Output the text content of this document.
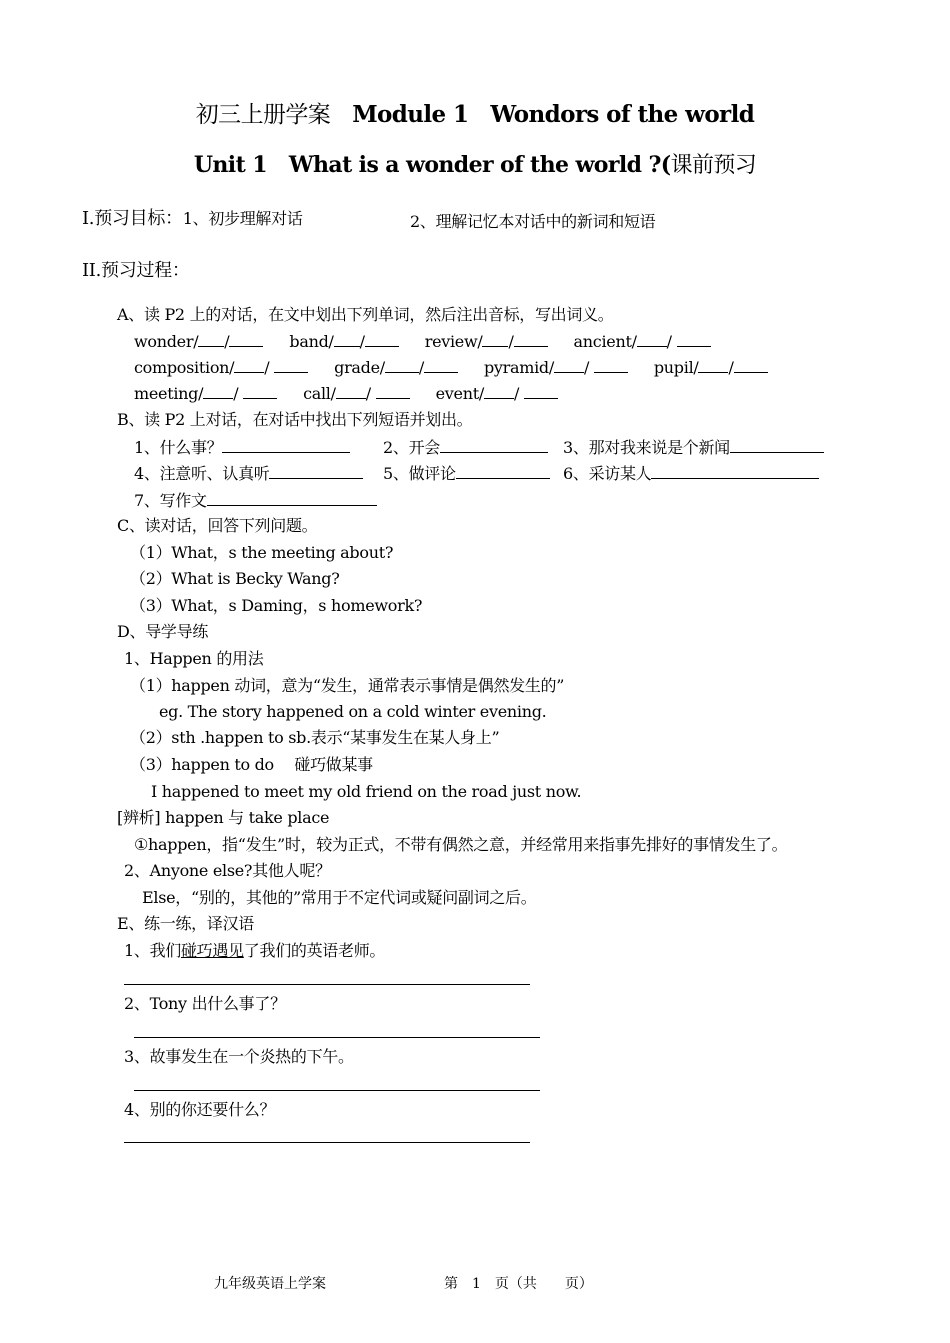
初三上册学案 Module 1 Wondors of the world
Unit 1 What is a wonder of the world ?(课前预习
I.预习目标：1、初步理解对话	2、理解记忆本对话中的新词和短语
II.预习过程：
A、读 P2 上的对话，在文中划出下列单词，然后注出音标，写出词义。
wonder/ /	band/ /	review/ /	ancient/ /
composition/ /	grade/ /	pyramid/ /	pupil/ /
meeting/ /	call/ /	event/ /
B、读 P2 上对话，在对话中找出下列短语并划出。
1、什么事？	2、开会	3、那对我来说是个新闻
4、注意听、认真听	5、做评论	6、采访某人
7、写作文
C、读对话，回答下列问题。
（1）What，s the meeting about?
（2）What is Becky Wang?
（3）What，s Daming，s homework?
D、导学导练
1、Happen 的用法
（1）happen 动词，意为“发生，通常表示事情是偶然发生的”
eg. The story happened on a cold winter evening.
（2）sth .happen to sb.表示“某事发生在某人身上”
（3）happen to do　 碰巧做某事
I happened to meet my old friend on the road just now.
[辨析] happen 与 take place
①happen，指“发生”时，较为正式，不带有偶然之意，并经常用来指事先排好的事情发生了。
2、Anyone else?其他人呢？
Else，“别的，其他的”常用于不定代词或疑问副词之后。
E、练一练，译汉语
1、我们碰巧遇见了我们的英语老师。
2、Tony 出什么事了？
3、故事发生在一个炎热的下午。
4、别的你还要什么？
九年级英语上学案	第　1　页（共　　页）
